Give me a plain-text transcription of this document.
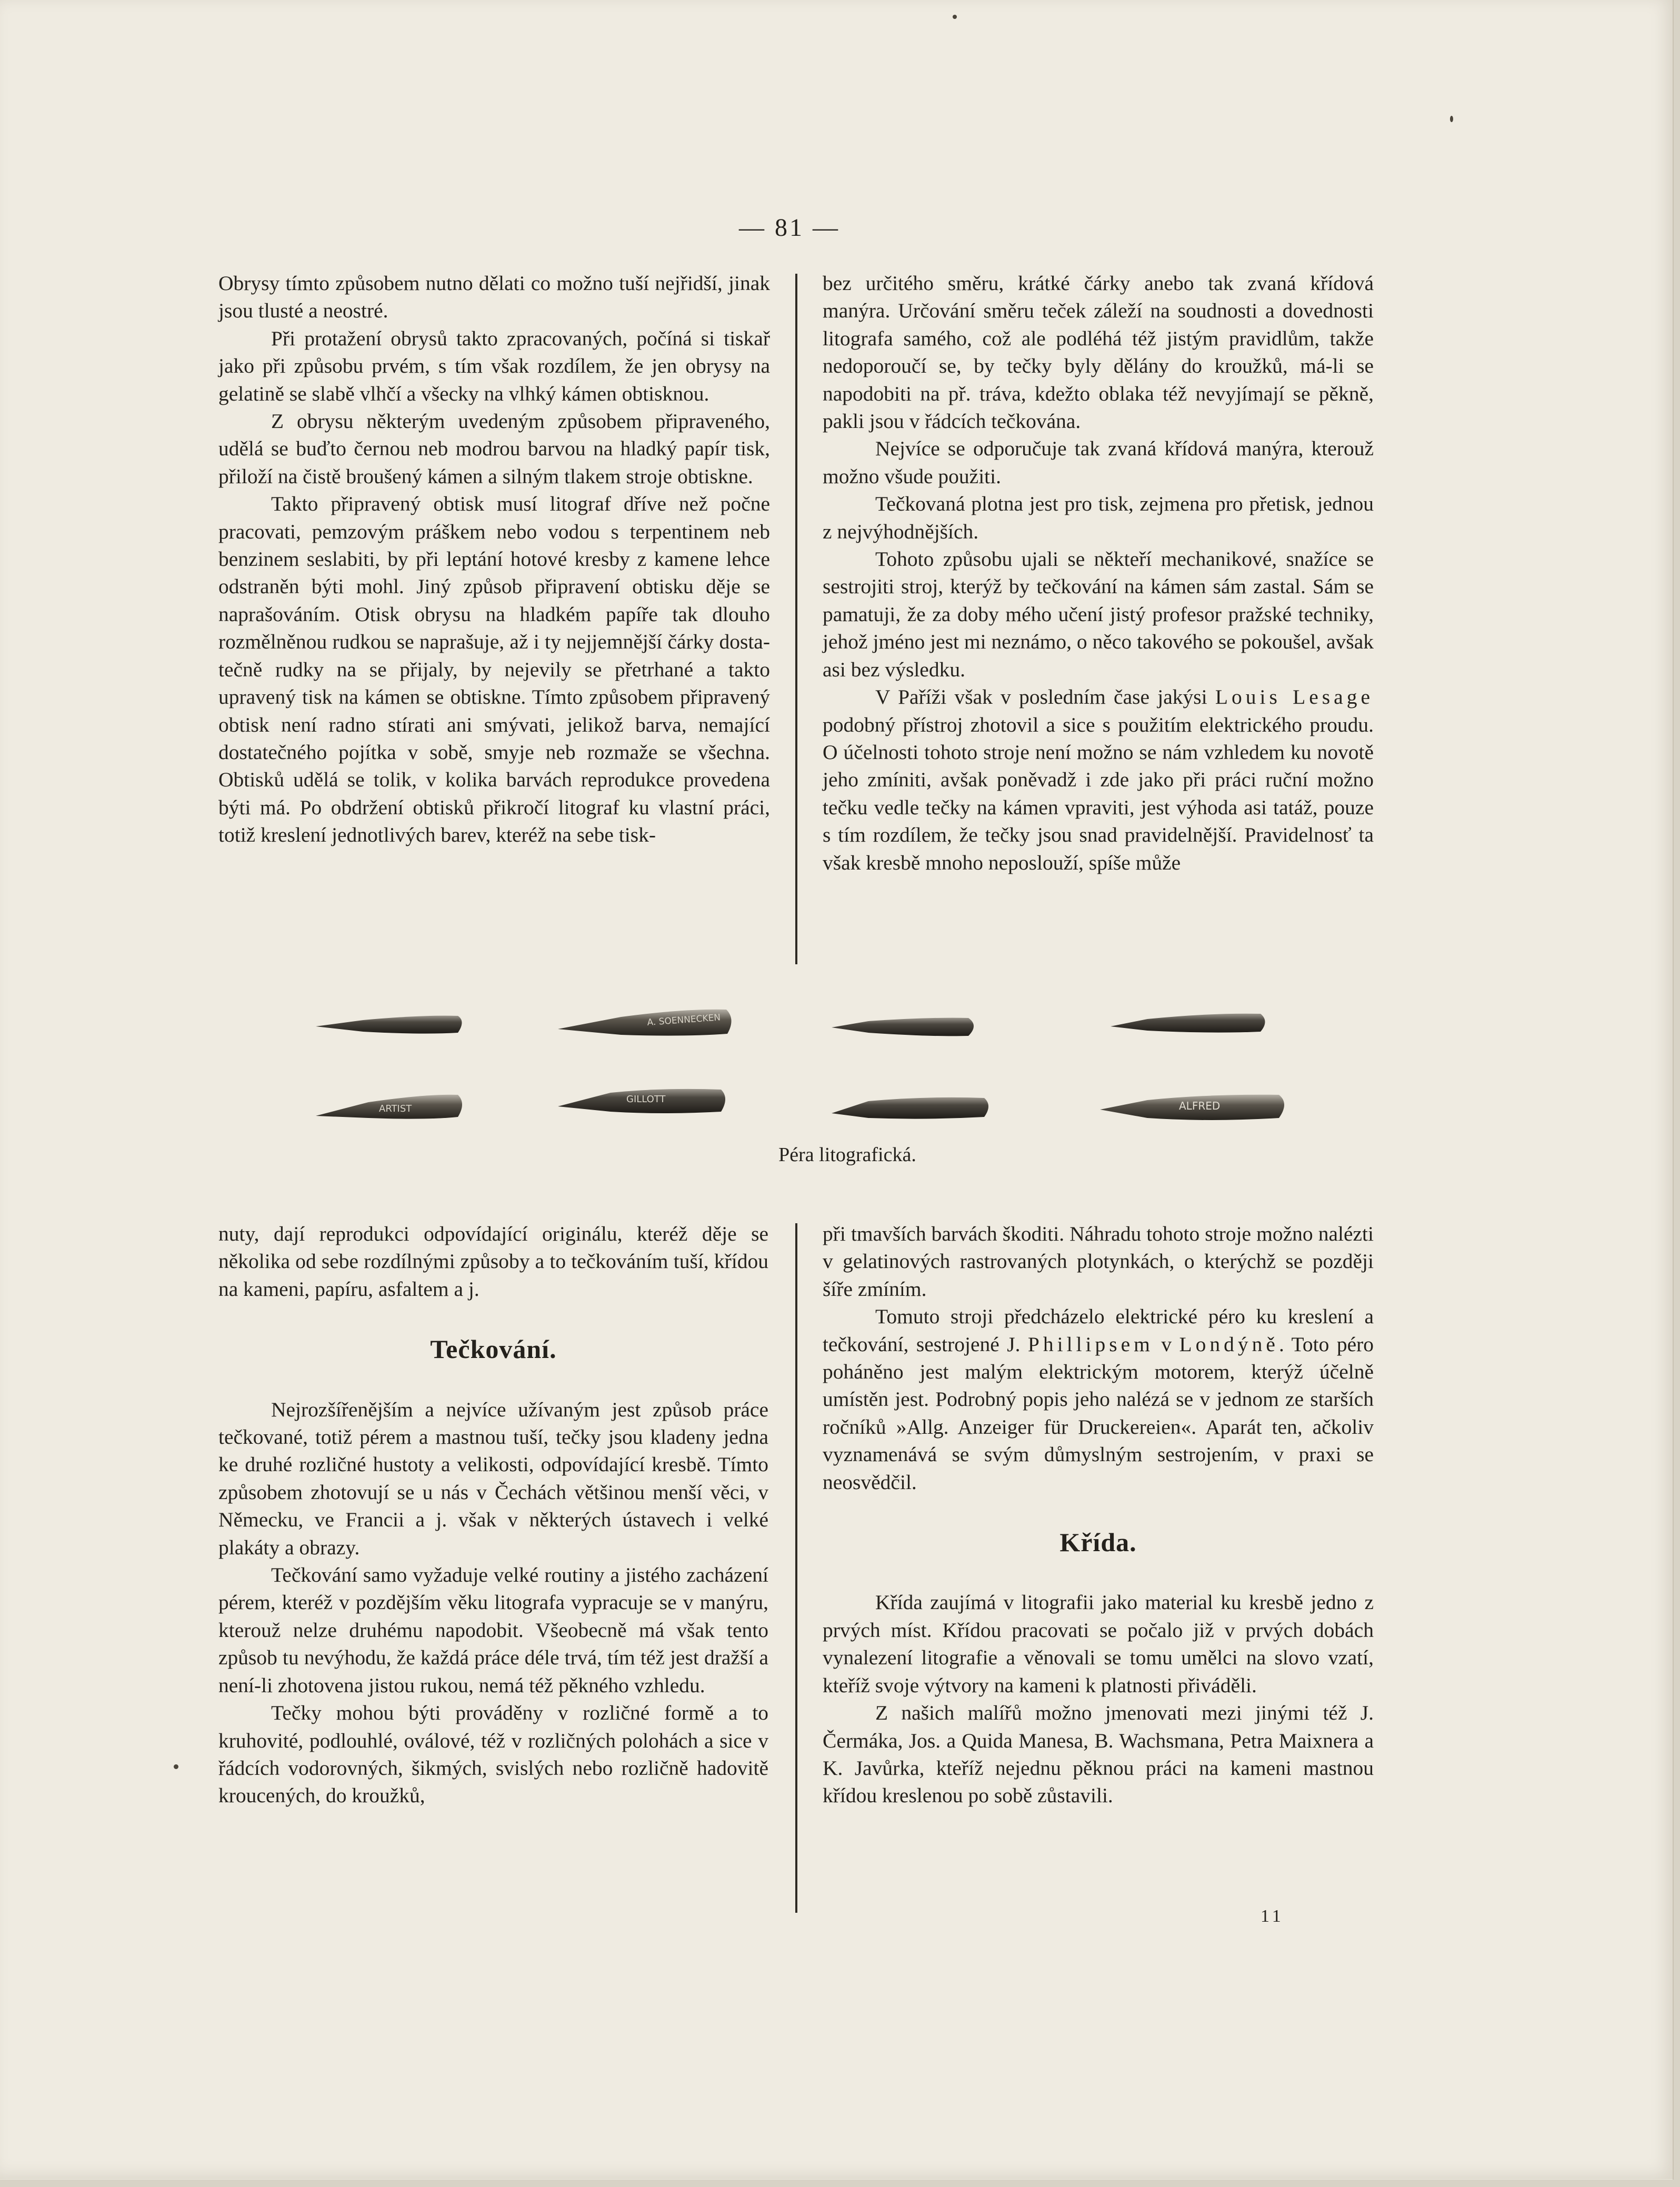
— 81 —

Obrysy tímto způsobem nutno dělati co možno tuší nejřidší, jinak jsou tlusté a neostré.

Při protažení obrysů takto zpracovaných, počíná si tiskař jako při způsobu prvém, s tím však rozdílem, že jen obrysy na gelatině se slabě vlhčí a všecky na vlhký kámen obtisknou.

Z obrysu některým uvedeným způsobem připraveného, udělá se buďto černou neb modrou barvou na hladký papír tisk, přiloží na čistě broušený kámen a silným tlakem stroje obtiskne.

Takto připravený obtisk musí litograf dříve než počne pracovati, pemzovým práškem nebo vodou s terpentinem neb benzinem seslabiti, by při leptání hotové kresby z kamene lehce odstraněn býti mohl. Jiný způsob připravení obtisku děje se naprašováním. Otisk obrysu na hladkém papíře tak dlouho rozmělněnou rudkou se naprašuje, až i ty nejjemnější čárky dostatečně rudky na se přijaly, by nejevily se přetrhané a takto upravený tisk na kámen se obtiskne. Tímto způsobem připravený obtisk není radno stírati ani smývati, jelikož barva, nemající dostatečného pojítka v sobě, smyje neb rozmaže se všechna. Obtisků udělá se tolik, v kolika barvách reprodukce provedena býti má. Po obdržení obtisků přikročí litograf ku vlastní práci, totiž kreslení jednotlivých barev, kteréž na sebe tisk-

bez určitého směru, krátké čárky anebo tak zvaná křídová manýra. Určování směru teček záleží na soudnosti a dovednosti litografa samého, což ale podléhá též jistým pravidlům, takže nedoporoučí se, by tečky byly dělány do kroužků, má-li se napodobiti na př. tráva, kdežto oblaka též nevyjímají se pěkně, pakli jsou v řádcích tečkována.

Nejvíce se odporučuje tak zvaná křídová manýra, kterouž možno všude použiti.

Tečkovaná plotna jest pro tisk, zejmena pro přetisk, jednou z nejvýhodnějších.

Tohoto způsobu ujali se někteří mechanikové, snažíce se sestrojiti stroj, kterýž by tečkování na kámen sám zastal. Sám se pamatuji, že za doby mého učení jistý profesor pražské techniky, jehož jméno jest mi neznámo, o něco takového se pokoušel, avšak asi bez výsledku.

V Paříži však v posledním čase jakýsi Louis Lesage podobný přístroj zhotovil a sice s použitím elektrického proudu. O účelnosti tohoto stroje není možno se nám vzhledem ku novotě jeho zmíniti, avšak poněvadž i zde jako při práci ruční možno tečku vedle tečky na kámen vpraviti, jest výhoda asi tatáž, pouze s tím rozdílem, že tečky jsou snad pravidelnější. Pravidelnosť ta však kresbě mnoho neposlouží, spíše může

A. SOENNECKEN
ARTIST
GILLOTT
ALFRED
Péra litografická.

nuty, dají reprodukci odpovídající originálu, kteréž děje se několika od sebe rozdílnými způsoby a to tečkováním tuší, křídou na kameni, papíru, asfaltem a j.

Tečkování.

Nejrozšířenějším a nejvíce užívaným jest způsob práce tečkované, totiž pérem a mastnou tuší, tečky jsou kladeny jedna ke druhé rozličné hustoty a velikosti, odpovídající kresbě. Tímto způsobem zhotovují se u nás v Čechách většinou menší věci, v Německu, ve Francii a j. však v některých ústavech i velké plakáty a obrazy.

Tečkování samo vyžaduje velké routiny a jistého zacházení pérem, kteréž v pozdějším věku litografa vypracuje se v manýru, kterouž nelze druhému napodobit. Všeobecně má však tento způsob tu nevýhodu, že každá práce déle trvá, tím též jest dražší a není-li zhotovena jistou rukou, nemá též pěkného vzhledu.

Tečky mohou býti prováděny v rozličné formě a to kruhovité, podlouhlé, oválové, též v rozličných polohách a sice v řádcích vodorovných, šikmých, svislých nebo rozličně hadovitě kroucených, do kroužků,

při tmavších barvách škoditi. Náhradu tohoto stroje možno nalézti v gelatinových rastrovaných plotynkách, o kterýchž se později šíře zmíním.

Tomuto stroji předcházelo elektrické péro ku kreslení a tečkování, sestrojené J. Phillipsem v Londýně. Toto péro poháněno jest malým elektrickým motorem, kterýž účelně umístěn jest. Podrobný popis jeho nalézá se v jednom ze starších ročníků »Allg. Anzeiger für Druckereien«. Aparát ten, ačkoliv vyznamenává se svým důmyslným sestrojením, v praxi se neosvědčil.

Křída.

Křída zaujímá v litografii jako material ku kresbě jedno z prvých míst. Křídou pracovati se počalo již v prvých dobách vynalezení litografie a věnovali se tomu umělci na slovo vzatí, kteříž svoje výtvory na kameni k platnosti přiváděli.

Z našich malířů možno jmenovati mezi jinými též J. Čermáka, Jos. a Quida Manesa, B. Wachsmana, Petra Maixnera a K. Javůrka, kteříž nejednu pěknou práci na kameni mastnou křídou kreslenou po sobě zůstavili.

11
